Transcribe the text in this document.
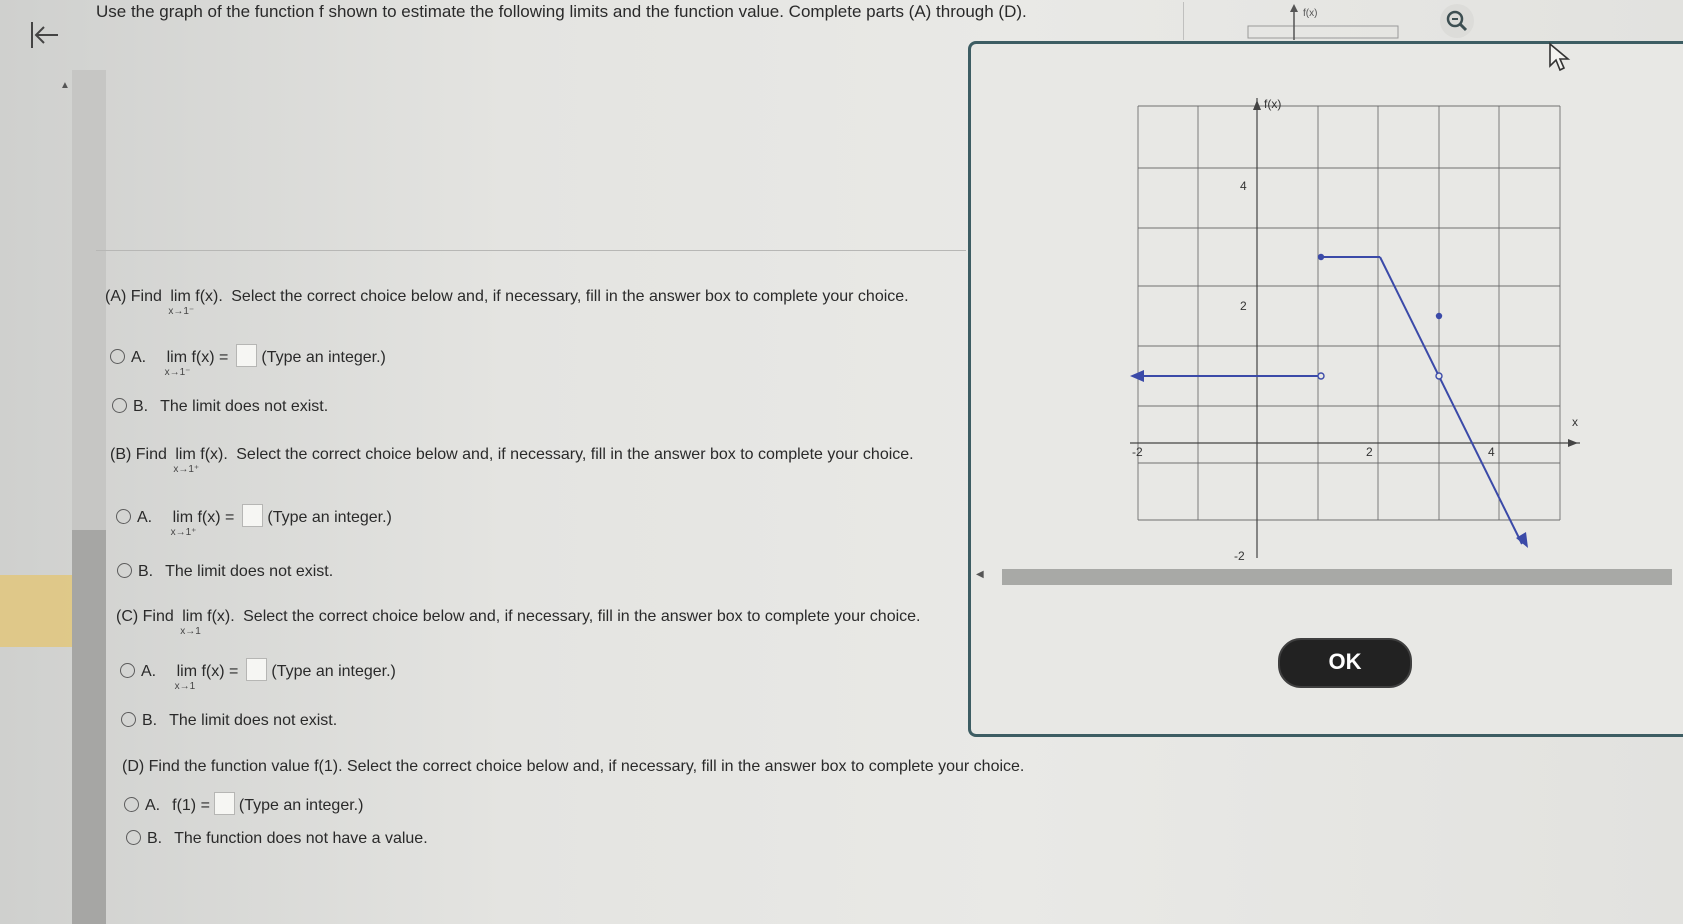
▲
Use the graph of the function f shown to estimate the following limits and the function value. Complete parts (A) through (D).
(A) Find lim f(x).
x→1⁻
Select the correct choice below and, if necessary, fill in the answer box to complete your choice.
A. lim f(x) =
x→1⁻
(Type an integer.)
B. The limit does not exist.
(B) Find lim f(x).
x→1⁺
Select the correct choice below and, if necessary, fill in the answer box to complete your choice.
A. lim f(x) =
x→1⁺
(Type an integer.)
B. The limit does not exist.
(C) Find lim f(x).
x→1
Select the correct choice below and, if necessary, fill in the answer box to complete your choice.
A. lim f(x) =
x→1
(Type an integer.)
B. The limit does not exist.
(D) Find the function value f(1). Select the correct choice below and, if necessary, fill in the answer box to complete your choice.
A. f(1) = (Type an integer.)
B. The function does not have a value.
f(x)
f(x)
x
-2	2	4
4
2
-2
◀
OK
